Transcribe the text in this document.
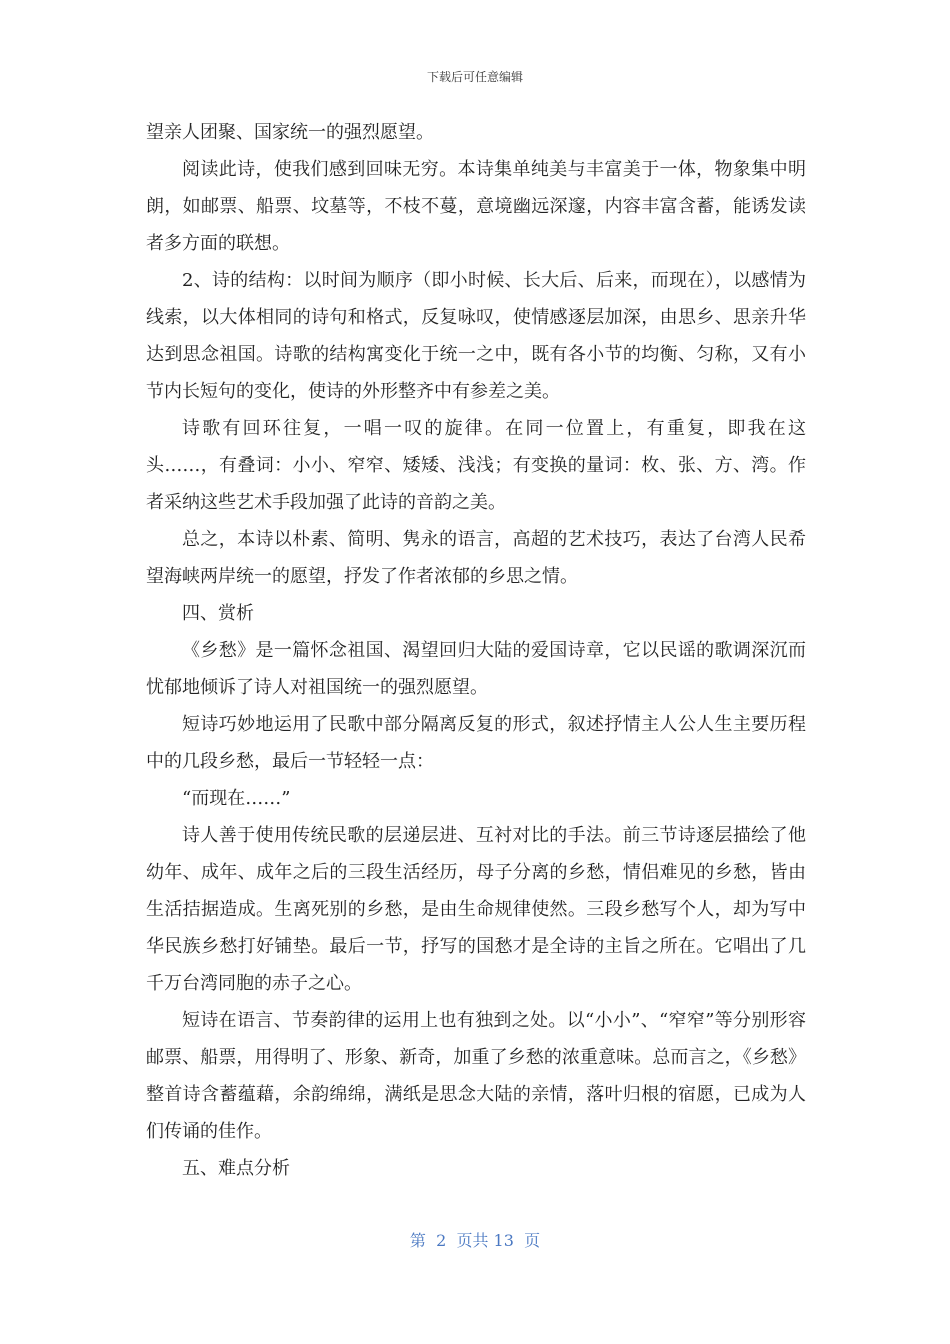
下载后可任意编辑

望亲人团聚、国家统一的强烈愿望。

阅读此诗，使我们感到回味无穷。本诗集单纯美与丰富美于一体，物象集中明朗，如邮票、船票、坟墓等，不枝不蔓，意境幽远深邃，内容丰富含蓄，能诱发读者多方面的联想。

2、诗的结构：以时间为顺序（即小时候、长大后、后来，而现在），以感情为线索，以大体相同的诗句和格式，反复咏叹，使情感逐层加深，由思乡、思亲升华达到思念祖国。诗歌的结构寓变化于统一之中，既有各小节的均衡、匀称，又有小节内长短句的变化，使诗的外形整齐中有参差之美。

诗歌有回环往复，一唱一叹的旋律。在同一位置上，有重复，即我在这头……，有叠词：小小、窄窄、矮矮、浅浅；有变换的量词：枚、张、方、湾。作者采纳这些艺术手段加强了此诗的音韵之美。

总之，本诗以朴素、简明、隽永的语言，高超的艺术技巧，表达了台湾人民希望海峡两岸统一的愿望，抒发了作者浓郁的乡思之情。

四、赏析

《乡愁》是一篇怀念祖国、渴望回归大陆的爱国诗章，它以民谣的歌调深沉而忧郁地倾诉了诗人对祖国统一的强烈愿望。

短诗巧妙地运用了民歌中部分隔离反复的形式，叙述抒情主人公人生主要历程中的几段乡愁，最后一节轻轻一点：

“而现在……”

诗人善于使用传统民歌的层递层进、互衬对比的手法。前三节诗逐层描绘了他幼年、成年、成年之后的三段生活经历，母子分离的乡愁，情侣难见的乡愁，皆由生活拮据造成。生离死别的乡愁，是由生命规律使然。三段乡愁写个人，却为写中华民族乡愁打好铺垫。最后一节，抒写的国愁才是全诗的主旨之所在。它唱出了几千万台湾同胞的赤子之心。

短诗在语言、节奏韵律的运用上也有独到之处。以“小小”、“窄窄”等分别形容邮票、船票，用得明了、形象、新奇，加重了乡愁的浓重意味。总而言之，《乡愁》整首诗含蓄蕴藉，余韵绵绵，满纸是思念大陆的亲情，落叶归根的宿愿，已成为人们传诵的佳作。

五、难点分析

第  2  页共 13  页
